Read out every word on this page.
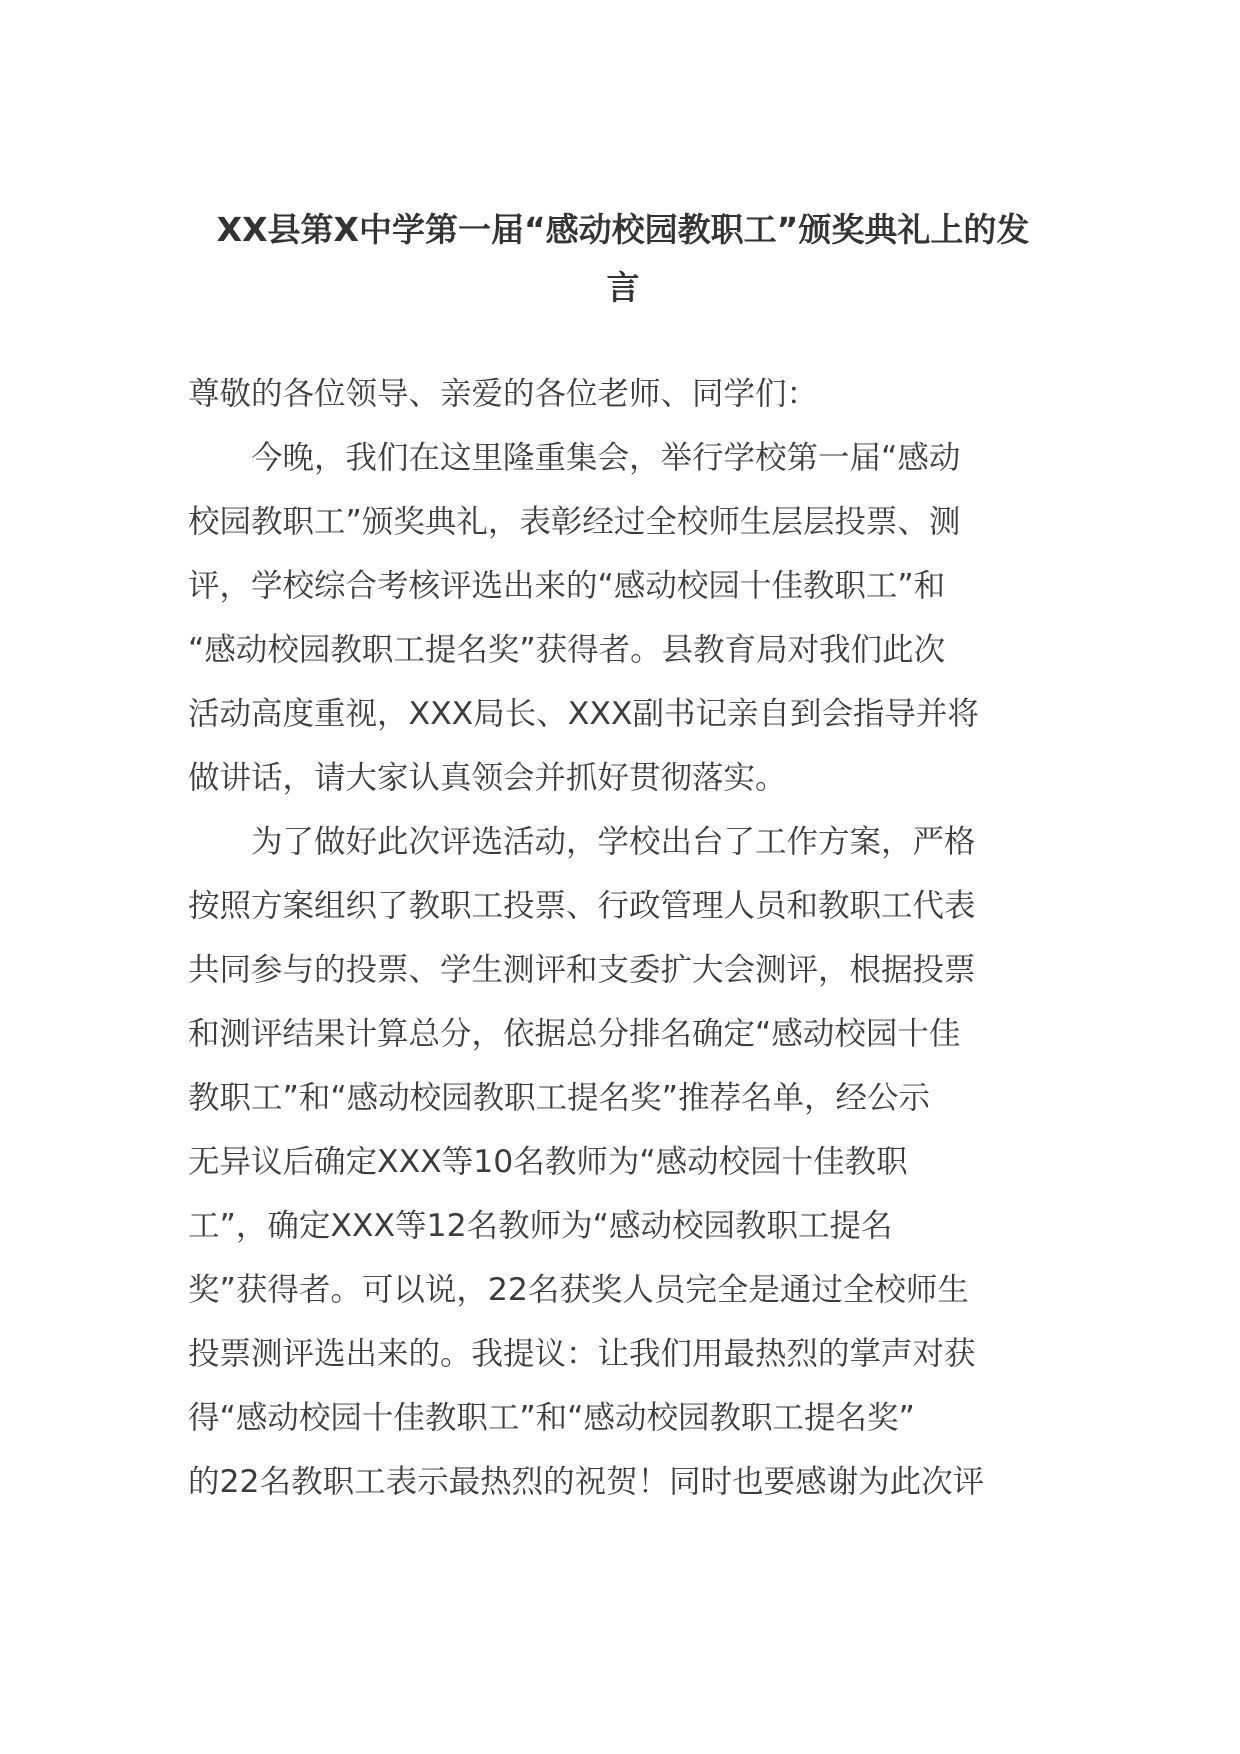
XX县第X中学第一届“感动校园教职工”颁奖典礼上的发
言
尊敬的各位领导、亲爱的各位老师、同学们：
　　今晚，我们在这里隆重集会，举行学校第一届“感动
校园教职工”颁奖典礼，表彰经过全校师生层层投票、测
评，学校综合考核评选出来的“感动校园十佳教职工”和
“感动校园教职工提名奖”获得者。县教育局对我们此次
活动高度重视，XXX局长、XXX副书记亲自到会指导并将
做讲话，请大家认真领会并抓好贯彻落实。
　　为了做好此次评选活动，学校出台了工作方案，严格
按照方案组织了教职工投票、行政管理人员和教职工代表
共同参与的投票、学生测评和支委扩大会测评，根据投票
和测评结果计算总分，依据总分排名确定“感动校园十佳
教职工”和“感动校园教职工提名奖”推荐名单，经公示
无异议后确定XXX等10名教师为“感动校园十佳教职
工”，确定XXX等12名教师为“感动校园教职工提名
奖”获得者。可以说，22名获奖人员完全是通过全校师生
投票测评选出来的。我提议：让我们用最热烈的掌声对获
得“感动校园十佳教职工”和“感动校园教职工提名奖”
的22名教职工表示最热烈的祝贺！同时也要感谢为此次评
